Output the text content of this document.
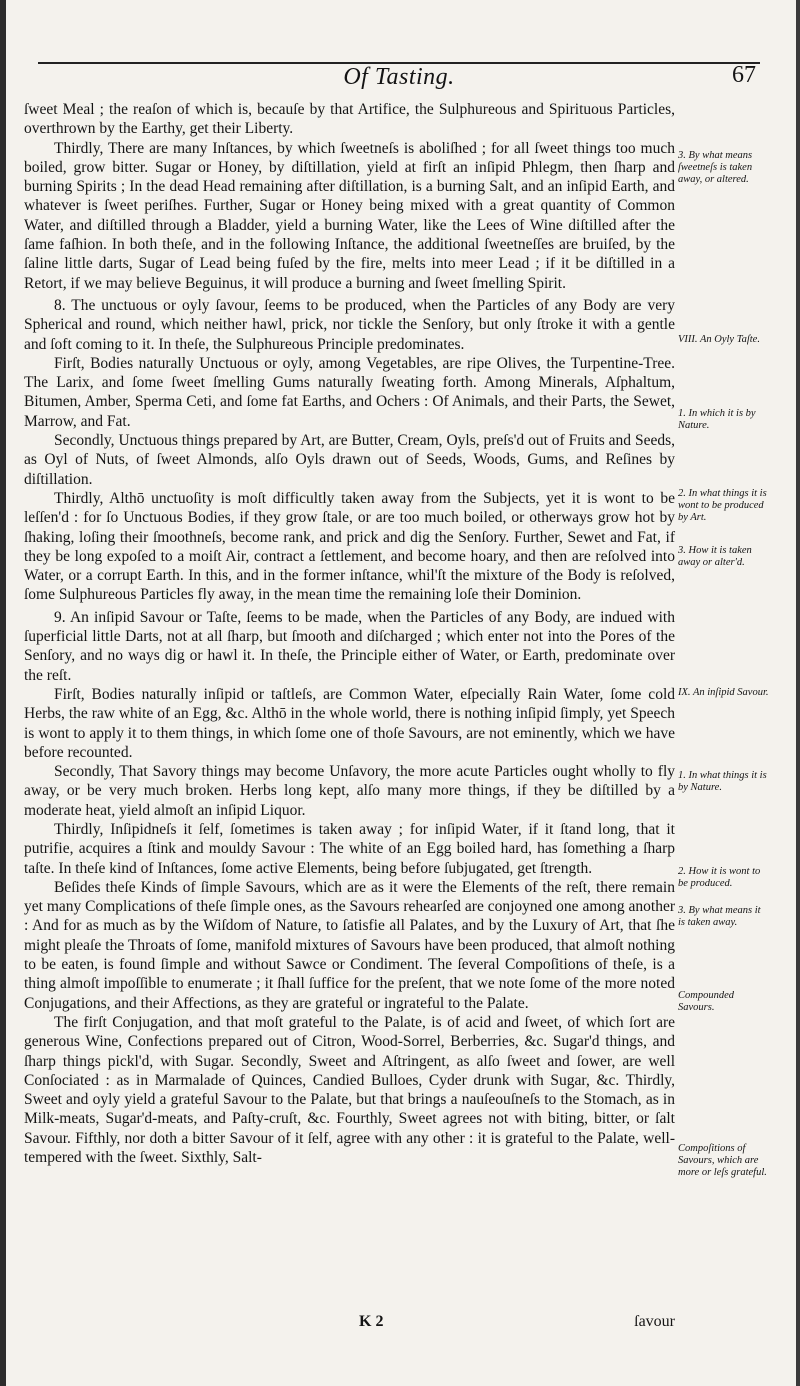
Of Tasting.	67

ſweet Meal ; the reaſon of which is, becauſe by that Artifice, the Sulphureous and Spirituous Particles, overthrown by the Earthy, get their Liberty.

Thirdly, There are many Inſtances, by which ſweetneſs is aboliſhed ; for all ſweet things too much boiled, grow bitter. Sugar or Honey, by diſtillation, yield at firſt an inſipid Phlegm, then ſharp and burning Spirits ; In the dead Head remaining after diſtillation, is a burning Salt, and an inſipid Earth, and whatever is ſweet periſhes. Further, Sugar or Honey being mixed with a great quantity of Common Water, and diſtilled through a Bladder, yield a burning Water, like the Lees of Wine diſtilled after the ſame faſhion. In both theſe, and in the following Inſtance, the additional ſweetneſſes are bruiſed, by the ſaline little darts, Sugar of Lead being fuſed by the fire, melts into meer Lead ; if it be diſtilled in a Retort, if we may believe Beguinus, it will produce a burning and ſweet ſmelling Spirit.

8. The unctuous or oyly ſavour, ſeems to be produced, when the Particles of any Body are very Spherical and round, which neither hawl, prick, nor tickle the Senſory, but only ſtroke it with a gentle and ſoft coming to it. In theſe, the Sulphureous Principle predominates.

Firſt, Bodies naturally Unctuous or oyly, among Vegetables, are ripe Olives, the Turpentine-Tree. The Larix, and ſome ſweet ſmelling Gums naturally ſweating forth. Among Minerals, Aſphaltum, Bitumen, Amber, Sperma Ceti, and ſome fat Earths, and Ochers : Of Animals, and their Parts, the Sewet, Marrow, and Fat.

Secondly, Unctuous things prepared by Art, are Butter, Cream, Oyls, preſs'd out of Fruits and Seeds, as Oyl of Nuts, of ſweet Almonds, alſo Oyls drawn out of Seeds, Woods, Gums, and Reſines by diſtillation.

Thirdly, Althō unctuoſity is moſt difficultly taken away from the Subjects, yet it is wont to be leſſen'd : for ſo Unctuous Bodies, if they grow ſtale, or are too much boiled, or otherways grow hot by ſhaking, loſing their ſmoothneſs, become rank, and prick and dig the Senſory. Further, Sewet and Fat, if they be long expoſed to a moiſt Air, contract a ſettlement, and become hoary, and then are reſolved into Water, or a corrupt Earth. In this, and in the former inſtance, whil'ſt the mixture of the Body is reſolved, ſome Sulphureous Particles fly away, in the mean time the remaining loſe their Dominion.

9. An inſipid Savour or Taſte, ſeems to be made, when the Particles of any Body, are indued with ſuperficial little Darts, not at all ſharp, but ſmooth and diſcharged ; which enter not into the Pores of the Senſory, and no ways dig or hawl it. In theſe, the Principle either of Water, or Earth, predominate over the reſt.

Firſt, Bodies naturally inſipid or taſtleſs, are Common Water, eſpecially Rain Water, ſome cold Herbs, the raw white of an Egg, &c. Althō in the whole world, there is nothing inſipid ſimply, yet Speech is wont to apply it to them things, in which ſome one of thoſe Savours, are not eminently, which we have before recounted.

Secondly, That Savory things may become Unſavory, the more acute Particles ought wholly to fly away, or be very much broken. Herbs long kept, alſo many more things, if they be diſtilled by a moderate heat, yield almoſt an inſipid Liquor.

Thirdly, Inſipidneſs it ſelf, ſometimes is taken away ; for inſipid Water, if it ſtand long, that it putrifie, acquires a ſtink and mouldy Savour : The white of an Egg boiled hard, has ſomething a ſharp taſte. In theſe kind of Inſtances, ſome active Elements, being before ſubjugated, get ſtrength.

Beſides theſe Kinds of ſimple Savours, which are as it were the Elements of the reſt, there remain yet many Complications of theſe ſimple ones, as the Savours rehearſed are conjoyned one among another : And for as much as by the Wiſdom of Nature, to ſatisfie all Palates, and by the Luxury of Art, that ſhe might pleaſe the Throats of ſome, manifold mixtures of Savours have been produced, that almoſt nothing to be eaten, is found ſimple and without Sawce or Condiment. The ſeveral Compoſitions of theſe, is a thing almoſt impoſſible to enumerate ; it ſhall ſuffice for the preſent, that we note ſome of the more noted Conjugations, and their Affections, as they are grateful or ingrateful to the Palate.

The firſt Conjugation, and that moſt grateful to the Palate, is of acid and ſweet, of which ſort are generous Wine, Confections prepared out of Citron, Wood-Sorrel, Berberries, &c. Sugar'd things, and ſharp things pickl'd, with Sugar. Secondly, Sweet and Aſtringent, as alſo ſweet and ſower, are well Conſociated : as in Marmalade of Quinces, Candied Bulloes, Cyder drunk with Sugar, &c. Thirdly, Sweet and oyly yield a grateful Savour to the Palate, but that brings a nauſeouſneſs to the Stomach, as in Milk-meats, Sugar'd-meats, and Paſty-cruſt, &c. Fourthly, Sweet agrees not with biting, bitter, or ſalt Savour. Fifthly, nor doth a bitter Savour of it ſelf, agree with any other : it is grateful to the Palate, well-tempered with the ſweet. Sixthly, Salt-

3. By what means ſweetneſs is taken away, or altered.
VIII. An Oyly Taſte.
1. In which it is by Nature.
2. In what things it is wont to be produced by Art.
3. How it is taken away or alter'd.
IX. An inſipid Savour.
1. In what things it is by Nature.
2. How it is wont to be produced.
3. By what means it is taken away.
Compounded Savours.
Compoſitions of Savours, which are more or leſs grateful.
K 2	ſavour
